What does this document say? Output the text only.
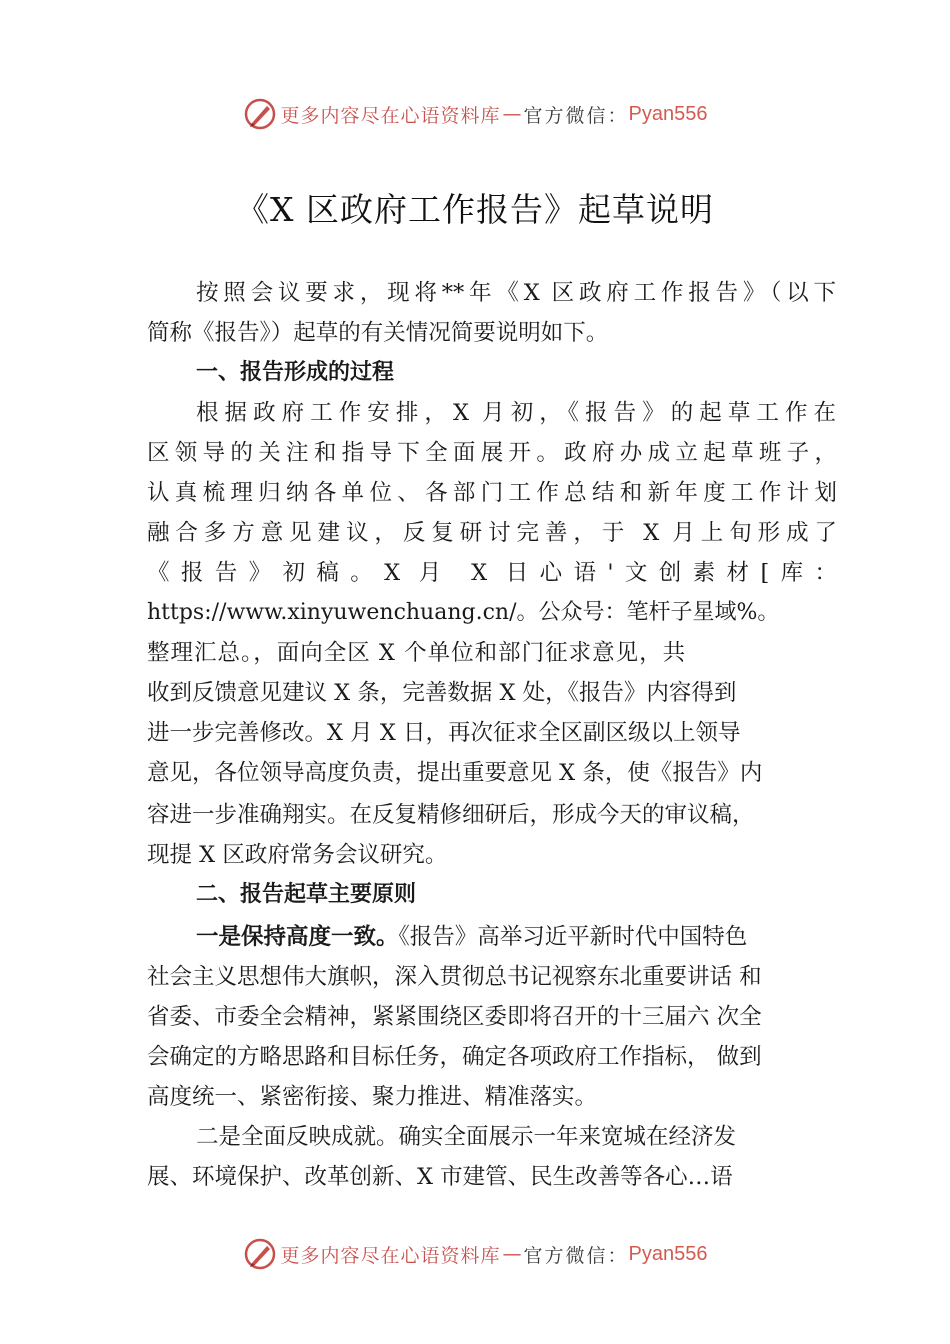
更多内容尽在心语资料库 — 官方微信： Pyan556
《X 区政府工作报告》起草说明
按照会议要求，现将**年《X 区政府工作报告》（以下
简称《报告》）起草的有关情况简要说明如下。
一、报告形成的过程
根据政府工作安排，X 月初，《报告》的起草工作在
区领导的关注和指导下全面展开。政府办成立起草班子，
认真梳理归纳各单位、各部门工作总结和新年度工作计划
融合多方意见建议，反复研讨完善，于 X 月上旬形成了
《报告》初稿。X 月 X 日心语'文创素材[库：
https://www.xinyuwenchuang.cn/。公众号：笔杆子星域%。
整理汇总。，面向全区 X 个单位和部门征求意见，共
收到反馈意见建议 X 条，完善数据 X 处，《报告》内容得到
进一步完善修改。X 月 X 日，再次征求全区副区级以上领导
意见，各位领导高度负责，提出重要意见 X 条，使《报告》内
容进一步准确翔实。在反复精修细研后，形成今天的审议稿，
现提 X 区政府常务会议研究。
二、报告起草主要原则
一是保持高度一致。《报告》高举习近平新时代中国特色
社会主义思想伟大旗帜，深入贯彻总书记视察东北重要讲话 和
省委、市委全会精神，紧紧围绕区委即将召开的十三届六 次全
会确定的方略思路和目标任务，确定各项政府工作指标， 做到
高度统一、紧密衔接、聚力推进、精准落实。
二是全面反映成就。确实全面展示一年来宽城在经济发
展、环境保护、改革创新、X 市建管、民生改善等各心…语
更多内容尽在心语资料库 — 官方微信： Pyan556
